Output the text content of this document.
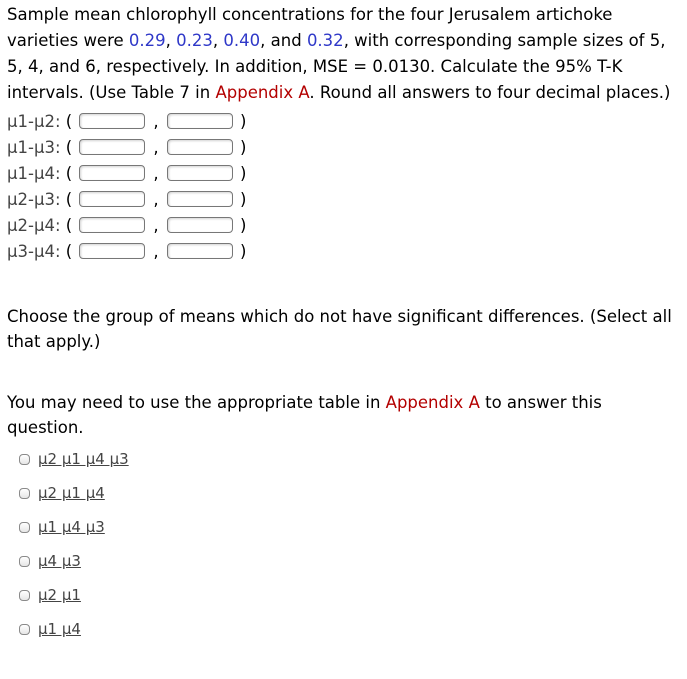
Sample mean chlorophyll concentrations for the four Jerusalem artichoke varieties were 0.29, 0.23, 0.40, and 0.32, with corresponding sample sizes of 5, 5, 4, and 6, respectively. In addition, MSE = 0.0130. Calculate the 95% T-K intervals. (Use Table 7 in Appendix A. Round all answers to four decimal places.)

μ1-μ2: (	,	)
μ1-μ3: (	,	)
μ1-μ4: (	,	)
μ2-μ3: (	,	)
μ2-μ4: (	,	)
μ3-μ4: (	,	)

Choose the group of means which do not have significant differences. (Select all that apply.)

You may need to use the appropriate table in Appendix A to answer this question.

μ2 μ1 μ4 μ3
μ2 μ1 μ4
μ1 μ4 μ3
μ4 μ3
μ2 μ1
μ1 μ4
